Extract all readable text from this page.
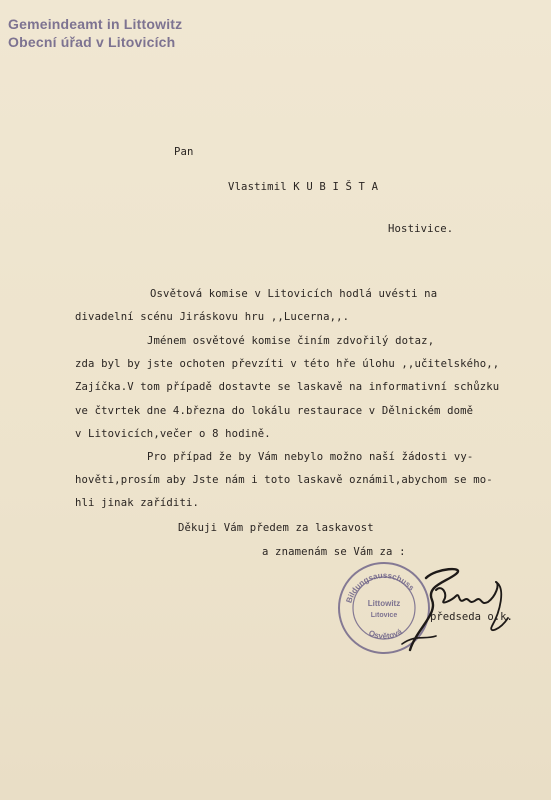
Gemeindeamt in Littowitz
Obecní úřad v Litovicích
Pan
Vlastimil K U B I Š T A
Hostivice.
Osvětová komise v Litovicích hodlá uvésti na
divadelní scénu Jiráskovu hru ,,Lucerna,,.
Jménem osvětové komise činím zdvořilý dotaz,
zda byl by jste ochoten převzíti v této hře úlohu ,,učitelského,,
Zajíčka.V tom případě dostavte se laskavě na informativní schůzku
ve čtvrtek dne 4.března do lokálu restaurace v Dělnickém domě
v Litovicích,večer o 8 hodině.
Pro případ že by Vám nebylo možno naší žádosti vy-
hověti,prosím aby Jste nám i toto laskavě oznámil,abychom se mo-
hli jinak zaříditi.
Děkuji Vám předem za laskavost
a znamenám se Vám za :
Bildungsausschuss
Littowitz
Litovice
Osvětová
předseda o.k.
